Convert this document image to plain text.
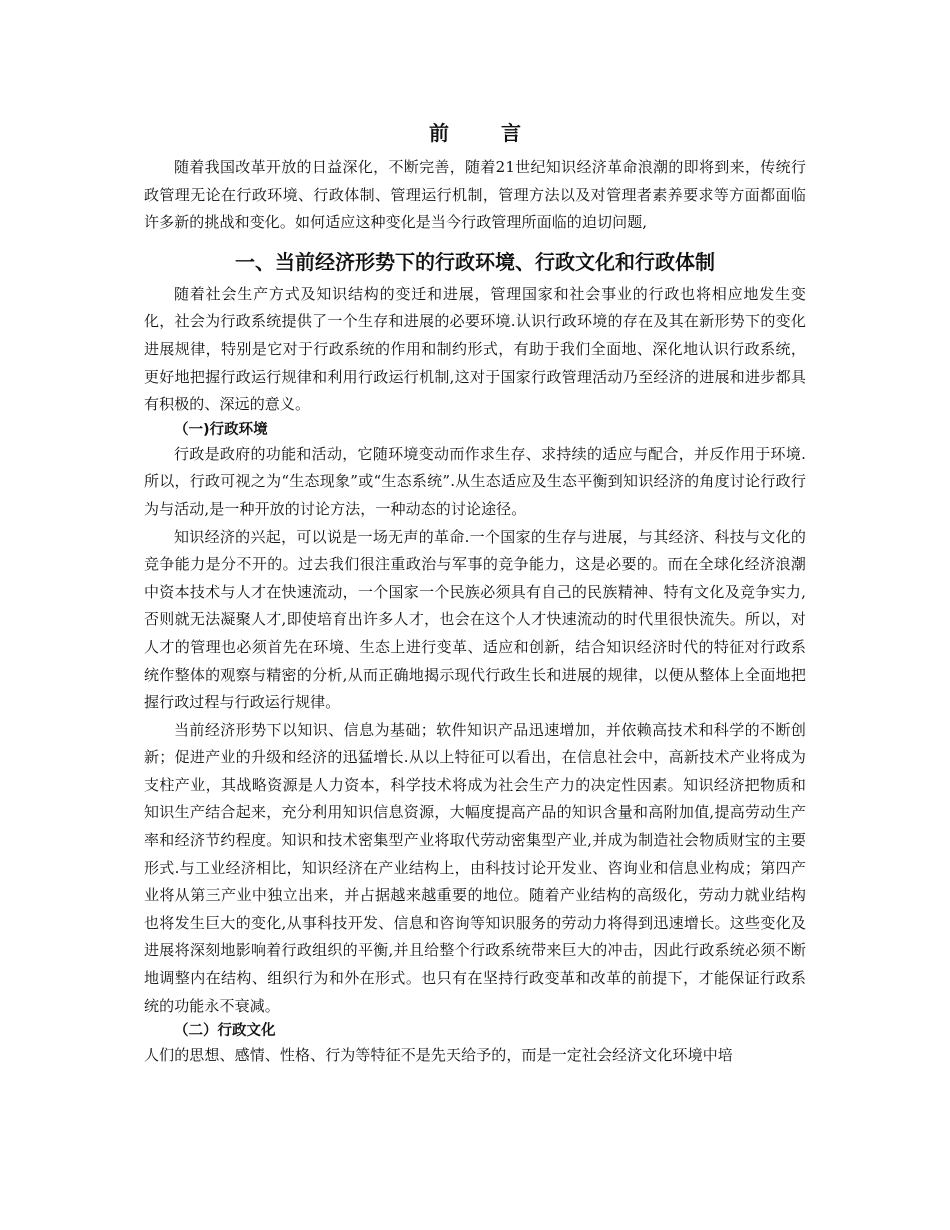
前　言

随着我国改革开放的日益深化，不断完善，随着21世纪知识经济革命浪潮的即将到来，传统行政管理无论在行政环境、行政体制、管理运行机制，管理方法以及对管理者素养要求等方面都面临许多新的挑战和变化。如何适应这种变化是当今行政管理所面临的迫切问题,

一、当前经济形势下的行政环境、行政文化和行政体制

随着社会生产方式及知识结构的变迁和进展，管理国家和社会事业的行政也将相应地发生变化，社会为行政系统提供了一个生存和进展的必要环境.认识行政环境的存在及其在新形势下的变化进展规律，特别是它对于行政系统的作用和制约形式，有助于我们全面地、深化地认识行政系统，更好地把握行政运行规律和利用行政运行机制,这对于国家行政管理活动乃至经济的进展和进步都具有积极的、深远的意义。

（一)行政环境

行政是政府的功能和活动，它随环境变动而作求生存、求持续的适应与配合，并反作用于环境.所以，行政可视之为“生态现象”或“生态系统”.从生态适应及生态平衡到知识经济的角度讨论行政行为与活动,是一种开放的讨论方法，一种动态的讨论途径。

知识经济的兴起，可以说是一场无声的革命.一个国家的生存与进展，与其经济、科技与文化的竞争能力是分不开的。过去我们很注重政治与军事的竞争能力，这是必要的。而在全球化经济浪潮中资本技术与人才在快速流动，一个国家一个民族必须具有自己的民族精神、特有文化及竞争实力,否则就无法凝聚人才,即使培育出许多人才，也会在这个人才快速流动的时代里很快流失。所以，对人才的管理也必须首先在环境、生态上进行变革、适应和创新，结合知识经济时代的特征对行政系统作整体的观察与精密的分析,从而正确地揭示现代行政生长和进展的规律，以便从整体上全面地把握行政过程与行政运行规律。

当前经济形势下以知识、信息为基础；软件知识产品迅速增加，并依赖高技术和科学的不断创新；促进产业的升级和经济的迅猛增长.从以上特征可以看出，在信息社会中，高新技术产业将成为支柱产业，其战略资源是人力资本，科学技术将成为社会生产力的决定性因素。知识经济把物质和知识生产结合起来，充分利用知识信息资源，大幅度提高产品的知识含量和高附加值,提高劳动生产率和经济节约程度。知识和技术密集型产业将取代劳动密集型产业,并成为制造社会物质财宝的主要形式.与工业经济相比，知识经济在产业结构上，由科技讨论开发业、咨询业和信息业构成；第四产业将从第三产业中独立出来，并占据越来越重要的地位。随着产业结构的高级化，劳动力就业结构也将发生巨大的变化,从事科技开发、信息和咨询等知识服务的劳动力将得到迅速增长。这些变化及进展将深刻地影响着行政组织的平衡,并且给整个行政系统带来巨大的冲击，因此行政系统必须不断地调整内在结构、组织行为和外在形式。也只有在坚持行政变革和改革的前提下，才能保证行政系统的功能永不衰减。

（二）行政文化

人们的思想、感情、性格、行为等特征不是先天给予的，而是一定社会经济文化环境中培
